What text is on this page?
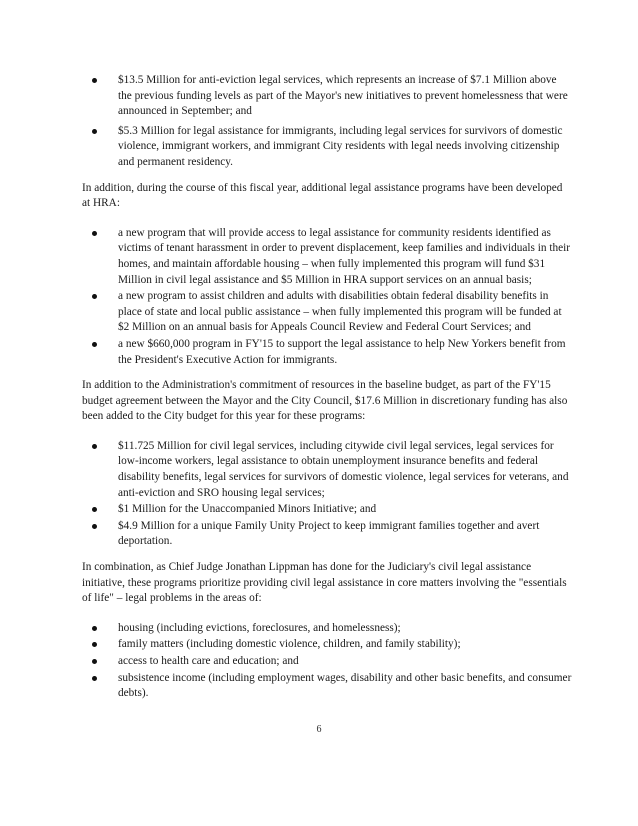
$13.5 Million for anti-eviction legal services, which represents an increase of $7.1 Million above the previous funding levels as part of the Mayor's new initiatives to prevent homelessness that were announced in September; and
$5.3 Million for legal assistance for immigrants, including legal services for survivors of domestic violence, immigrant workers, and immigrant City residents with legal needs involving citizenship and permanent residency.

In addition, during the course of this fiscal year, additional legal assistance programs have been developed at HRA:

a new program that will provide access to legal assistance for community residents identified as victims of tenant harassment in order to prevent displacement, keep families and individuals in their homes, and maintain affordable housing – when fully implemented this program will fund $31 Million in civil legal assistance and $5 Million in HRA support services on an annual basis;
a new program to assist children and adults with disabilities obtain federal disability benefits in place of state and local public assistance – when fully implemented this program will be funded at $2 Million on an annual basis for Appeals Council Review and Federal Court Services; and
a new $660,000 program in FY'15 to support the legal assistance to help New Yorkers benefit from the President's Executive Action for immigrants.

In addition to the Administration's commitment of resources in the baseline budget, as part of the FY'15 budget agreement between the Mayor and the City Council, $17.6 Million in discretionary funding has also been added to the City budget for this year for these programs:

$11.725 Million for civil legal services, including citywide civil legal services, legal services for low-income workers, legal assistance to obtain unemployment insurance benefits and federal disability benefits, legal services for survivors of domestic violence, legal services for veterans, and anti-eviction and SRO housing legal services;
$1 Million for the Unaccompanied Minors Initiative; and
$4.9 Million for a unique Family Unity Project to keep immigrant families together and avert deportation.

In combination, as Chief Judge Jonathan Lippman has done for the Judiciary's civil legal assistance initiative, these programs prioritize providing civil legal assistance in core matters involving the "essentials of life" – legal problems in the areas of:

housing (including evictions, foreclosures, and homelessness);
family matters (including domestic violence, children, and family stability);
access to health care and education; and
subsistence income (including employment wages, disability and other basic benefits, and consumer debts).
6
